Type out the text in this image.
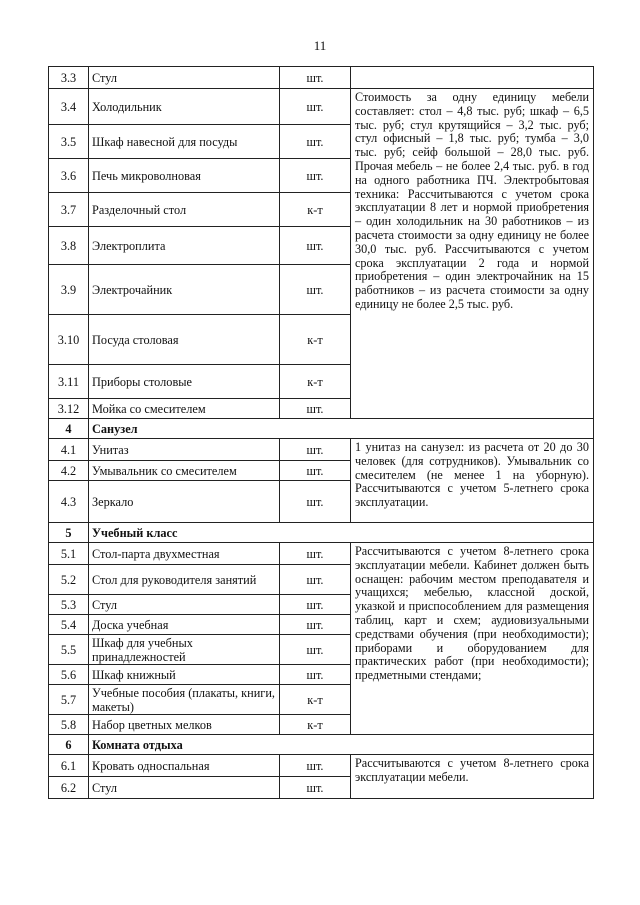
11
3.3	Стул	шт.	
3.4	Холодильник	шт.	Стоимость за одну единицу мебели составляет: стол – 4,8 тыс. руб; шкаф – 6,5 тыс. руб; стул крутящийся – 3,2 тыс. руб; стул офисный – 1,8 тыс. руб; тумба – 3,0 тыс. руб; сейф большой – 28,0 тыс. руб. Прочая мебель – не более 2,4 тыс. руб. в год на одного работника ПЧ. Электробытовая техника: Рассчитываются с учетом срока эксплуатации 8 лет и нормой приобретения – один холодильник на 30 работников – из расчета стоимости за одну единицу не более 30,0 тыс. руб. Рассчитываются с учетом срока эксплуатации 2 года и нормой приобретения – один электрочайник на 15 работников – из расчета стоимости за одну единицу не более 2,5 тыс. руб.
3.5	Шкаф навесной для посуды	шт.	
3.6	Печь микроволновая	шт.	
3.7	Разделочный стол	к-т	
3.8	Электроплита	шт.	
3.9	Электрочайник	шт.	
3.10	Посуда столовая	к-т	
3.11	Приборы столовые	к-т	
3.12	Мойка со смесителем	шт.	
4	Санузел		
4.1	Унитаз	шт.	1 унитаз на санузел: из расчета от 20 до 30 человек (для сотрудников). Умывальник со смесителем (не менее 1 на уборную). Рассчитываются с учетом 5-летнего срока эксплуатации.
4.2	Умывальник со смесителем	шт.	
4.3	Зеркало	шт.	
5	Учебный класс		
5.1	Стол-парта двухместная	шт.	Рассчитываются с учетом 8-летнего срока эксплуатации мебели. Кабинет должен быть оснащен: рабочим местом преподавателя и учащихся; мебелью, классной доской, указкой и приспособлением для размещения таблиц, карт и схем; аудиовизуальными средствами обучения (при необходимости); приборами и оборудованием для практических работ (при необходимости); предметными стендами;
5.2	Стол для руководителя занятий	шт.	
5.3	Стул	шт.	
5.4	Доска учебная	шт.	
5.5	Шкаф для учебных принадлежностей	шт.	
5.6	Шкаф книжный	шт.	
5.7	Учебные пособия (плакаты, книги, макеты)	к-т	
5.8	Набор цветных мелков	к-т	
6	Комната отдыха		
6.1	Кровать односпальная	шт.	Рассчитываются с учетом 8-летнего срока эксплуатации мебели.
6.2	Стул	шт.	
